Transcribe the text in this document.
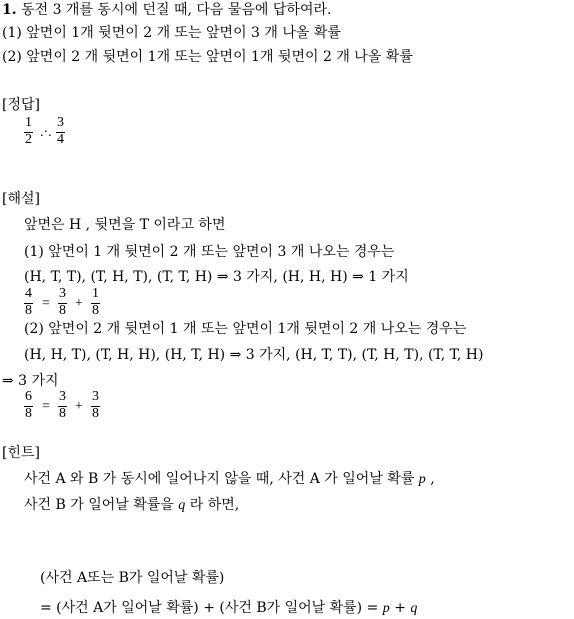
1. 동전 3 개를 동시에 던질 때, 다음 물음에 답하여라.
(1) 앞면이 1개 뒷면이 2 개 또는 앞면이 3 개 나올 확률
(2) 앞면이 2 개 뒷면이 1개 또는 앞면이 1개 뒷면이 2 개 나올 확률
[정답]
$\frac{1}{2}$ .·. $\frac{3}{4}$
[해설]
앞면은 H , 뒷면을 T 이라고 하면
(1) 앞면이 1 개 뒷면이 2 개 또는 앞면이 3 개 나오는 경우는
(H, T, T), (T, H, T), (T, T, H) ⇒ 3 가지, (H, H, H) ⇒ 1 가지
$\frac{4}{8} = \frac{3}{8} + \frac{1}{8}$
(2) 앞면이 2 개 뒷면이 1 개 또는 앞면이 1개 뒷면이 2 개 나오는 경우는
(H, H, T), (T, H, H), (H, T, H) ⇒ 3 가지, (H, T, T), (T, H, T), (T, T, H)
⇒ 3 가지
$\frac{6}{8} = \frac{3}{8} + \frac{3}{8}$
[힌트]
사건 A 와 B 가 동시에 일어나지 않을 때, 사건 A 가 일어날 확률 p ,
사건 B 가 일어날 확률을 q 라 하면,
(사건 A또는 B가 일어날 확률)
= (사건 A가 일어날 확률) + (사건 B가 일어날 확률) = p + q
